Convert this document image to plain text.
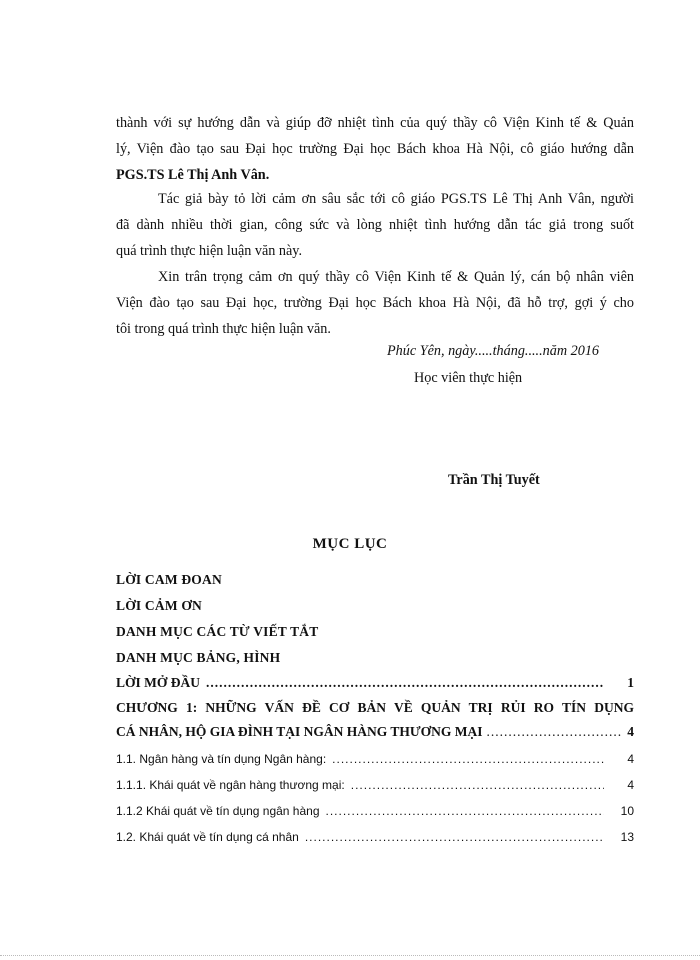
thành với sự hướng dẫn và giúp đỡ nhiệt tình của quý thầy cô Viện Kinh tế & Quản
lý, Viện đào tạo sau Đại học trường Đại học Bách khoa Hà Nội, cô giáo hướng dẫn
PGS.TS Lê Thị Anh Vân.
Tác giả bày tỏ lời cảm ơn sâu sắc tới cô giáo PGS.TS Lê Thị Anh Vân, người
đã dành nhiều thời gian, công sức và lòng nhiệt tình hướng dẫn tác giả trong suốt
quá trình thực hiện luận văn này.
Xin trân trọng cảm ơn quý thầy cô Viện Kinh tế & Quản lý, cán bộ nhân viên
Viện đào tạo sau Đại học, trường Đại học Bách khoa Hà Nội, đã hỗ trợ, gợi ý cho
tôi trong quá trình thực hiện luận văn.
Phúc Yên, ngày.....tháng.....năm 2016
Học viên thực hiện
Trần Thị Tuyết
MỤC LỤC
LỜI CAM ĐOAN
LỜI CẢM ƠN
DANH MỤC CÁC TỪ VIẾT TẮT
DANH MỤC BẢNG, HÌNH
LỜI MỞ ĐẦU .....	1
CHƯƠNG 1: NHỮNG VẤN ĐỀ CƠ BẢN VỀ QUẢN TRỊ RỦI RO TÍN DỤNG
CÁ NHÂN, HỘ GIA ĐÌNH TẠI NGÂN HÀNG THƯƠNG MẠI .....	4
1.1. Ngân hàng và tín dụng Ngân hàng: .....	4
1.1.1. Khái quát về ngân hàng thương mại: .....	4
1.1.2 Khái quát về tín dụng ngân hàng .....	10
1.2. Khái quát về tín dụng cá nhân .....	13
